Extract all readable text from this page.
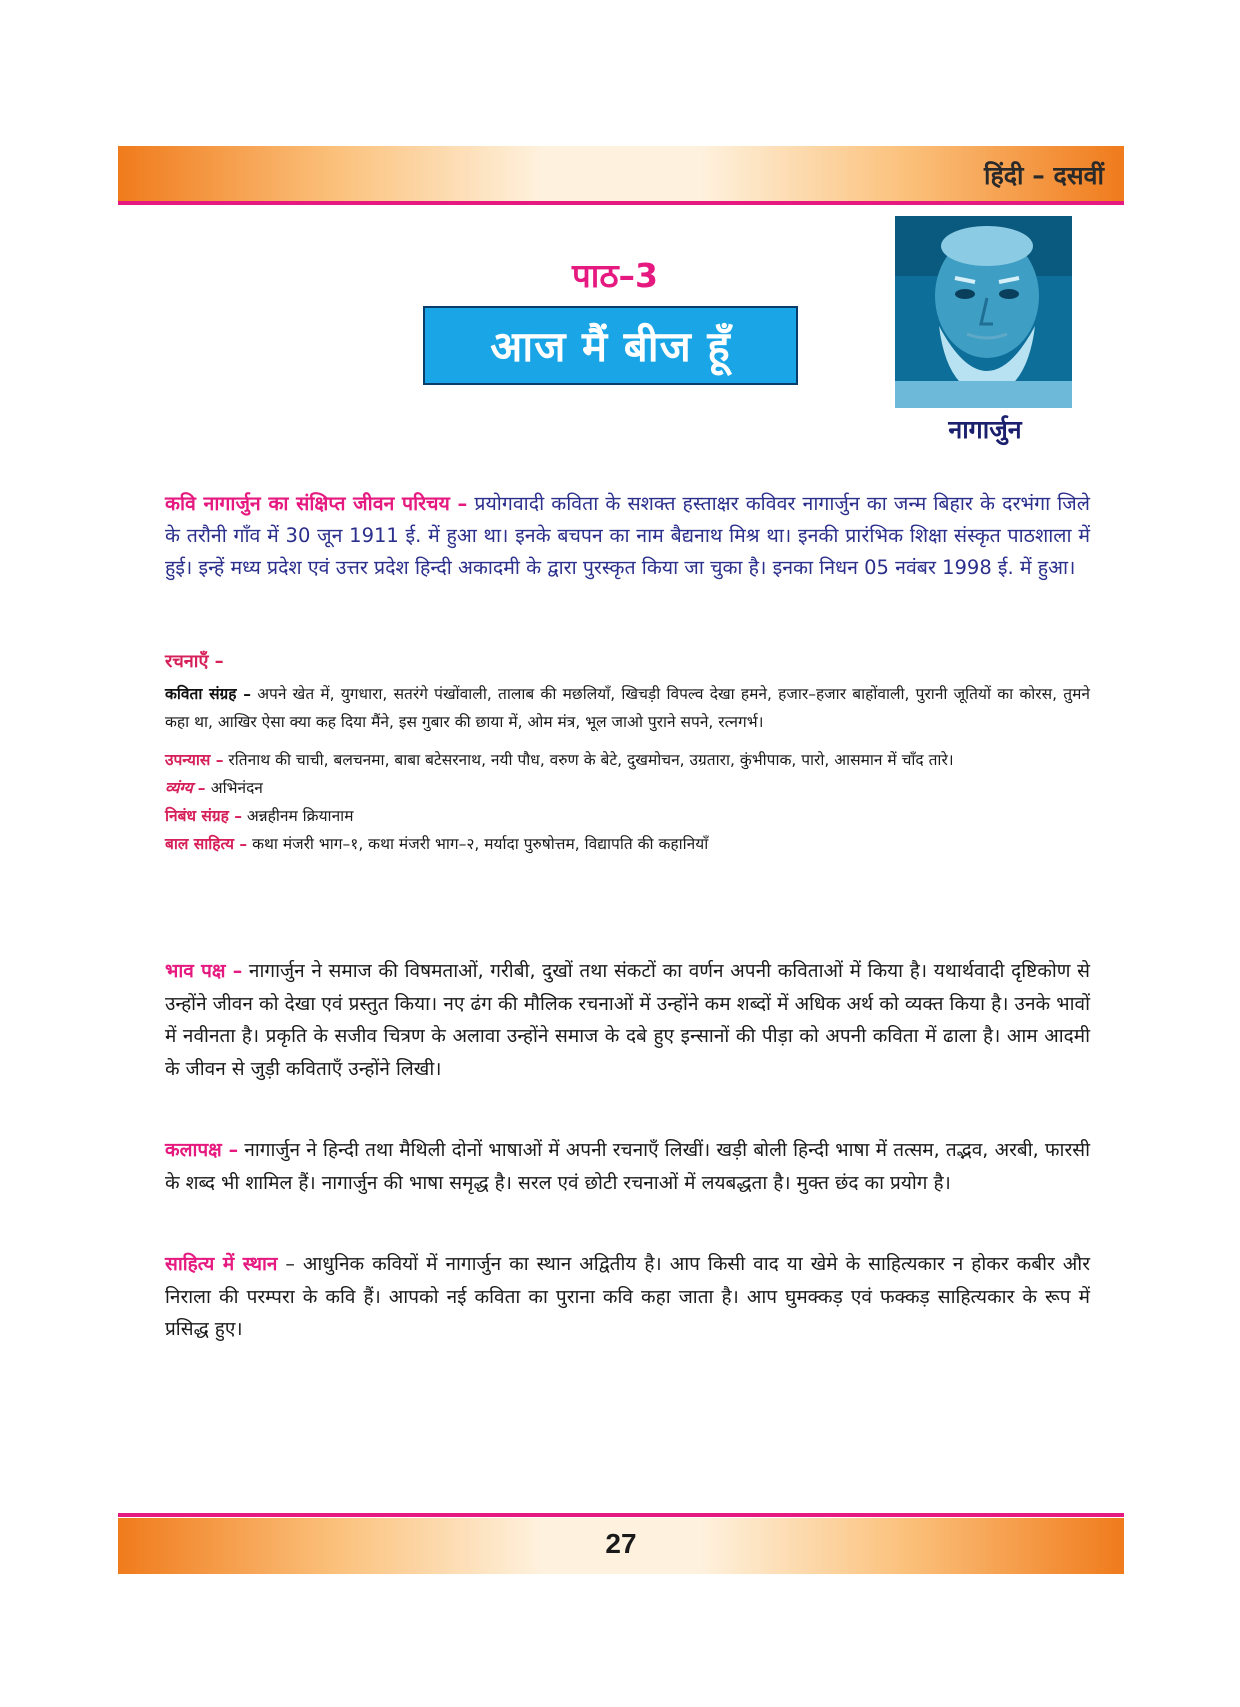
हिंदी – दसवीं
पाठ–3
आज मैं बीज हूँ
नागार्जुन
कवि नागार्जुन का संक्षिप्त जीवन परिचय – प्रयोगवादी कविता के सशक्त हस्ताक्षर कविवर नागार्जुन का जन्म बिहार के दरभंगा जिले के तरौनी गाँव में 30 जून 1911 ई. में हुआ था। इनके बचपन का नाम बैद्यनाथ मिश्र था। इनकी प्रारंभिक शिक्षा संस्कृत पाठशाला में हुई। इन्हें मध्य प्रदेश एवं उत्तर प्रदेश हिन्दी अकादमी के द्वारा पुरस्कृत किया जा चुका है। इनका निधन 05 नवंबर 1998 ई. में हुआ।
रचनाएँ –
कविता संग्रह – अपने खेत में, युगधारा, सतरंगे पंखोंवाली, तालाब की मछलियाँ, खिचड़ी विपल्व देखा हमने, हजार–हजार बाहोंवाली, पुरानी जूतियों का कोरस, तुमने कहा था, आखिर ऐसा क्या कह दिया मैंने, इस गुबार की छाया में, ओम मंत्र, भूल जाओ पुराने सपने, रत्नगर्भ।
उपन्यास – रतिनाथ की चाची, बलचनमा, बाबा बटेसरनाथ, नयी पौध, वरुण के बेटे, दुखमोचन, उग्रतारा, कुंभीपाक, पारो, आसमान में चाँद तारे।
व्यंग्य – अभिनंदन
निबंध संग्रह – अन्नहीनम क्रियानाम
बाल साहित्य – कथा मंजरी भाग–१, कथा मंजरी भाग–२, मर्यादा पुरुषोत्तम, विद्यापति की कहानियाँ
भाव पक्ष – नागार्जुन ने समाज की विषमताओं, गरीबी, दुखों तथा संकटों का वर्णन अपनी कविताओं में किया है। यथार्थवादी दृष्टिकोण से उन्होंने जीवन को देखा एवं प्रस्तुत किया। नए ढंग की मौलिक रचनाओं में उन्होंने कम शब्दों में अधिक अर्थ को व्यक्त किया है। उनके भावों में नवीनता है। प्रकृति के सजीव चित्रण के अलावा उन्होंने समाज के दबे हुए इन्सानों की पीड़ा को अपनी कविता में ढाला है। आम आदमी के जीवन से जुड़ी कविताएँ उन्होंने लिखी।
कलापक्ष – नागार्जुन ने हिन्दी तथा मैथिली दोनों भाषाओं में अपनी रचनाएँ लिखीं। खड़ी बोली हिन्दी भाषा में तत्सम, तद्भव, अरबी, फारसी के शब्द भी शामिल हैं। नागार्जुन की भाषा समृद्ध है। सरल एवं छोटी रचनाओं में लयबद्धता है। मुक्त छंद का प्रयोग है।
साहित्य में स्थान – आधुनिक कवियों में नागार्जुन का स्थान अद्वितीय है। आप किसी वाद या खेमे के साहित्यकार न होकर कबीर और निराला की परम्परा के कवि हैं। आपको नई कविता का पुराना कवि कहा जाता है। आप घुमक्कड़ एवं फक्कड़ साहित्यकार के रूप में प्रसिद्ध हुए।
27
